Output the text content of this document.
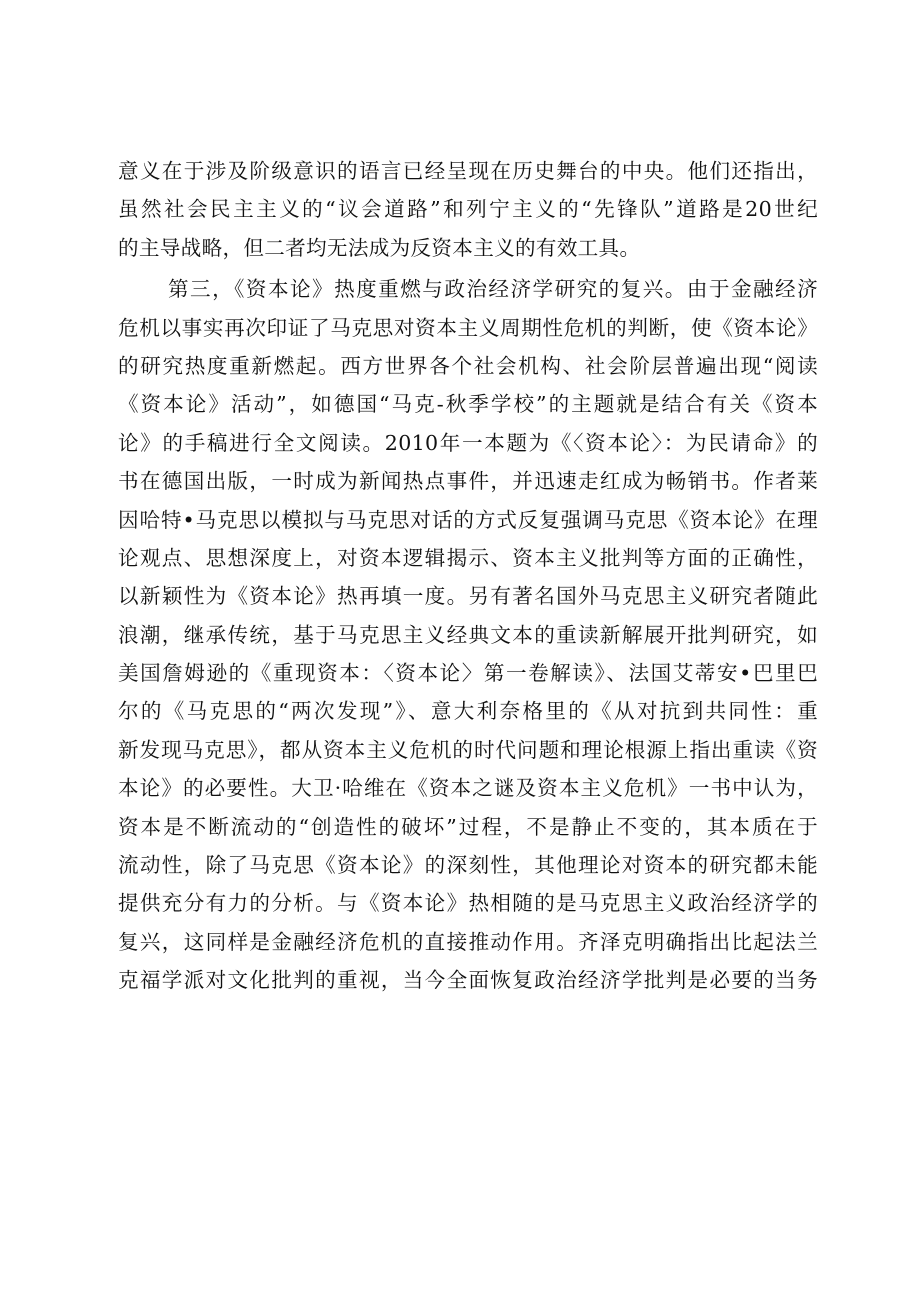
意义在于涉及阶级意识的语言已经呈现在历史舞台的中央。他们还指出，
虽然社会民主主义的“议会道路”和列宁主义的“先锋队”道路是20世纪
的主导战略，但二者均无法成为反资本主义的有效工具。
第三，《资本论》热度重燃与政治经济学研究的复兴。由于金融经济
危机以事实再次印证了马克思对资本主义周期性危机的判断，使《资本论》
的研究热度重新燃起。西方世界各个社会机构、社会阶层普遍出现“阅读
《资本论》活动”，如德国“马克-秋季学校”的主题就是结合有关《资本
论》的手稿进行全文阅读。2010年一本题为《〈资本论〉：为民请命》的
书在德国出版，一时成为新闻热点事件，并迅速走红成为畅销书。作者莱
因哈特•马克思以模拟与马克思对话的方式反复强调马克思《资本论》在理
论观点、思想深度上，对资本逻辑揭示、资本主义批判等方面的正确性，
以新颖性为《资本论》热再填一度。另有著名国外马克思主义研究者随此
浪潮，继承传统，基于马克思主义经典文本的重读新解展开批判研究，如
美国詹姆逊的《重现资本：〈资本论〉第一卷解读》、法国艾蒂安•巴里巴
尔的《马克思的“两次发现”》、意大利奈格里的《从对抗到共同性：重
新发现马克思》，都从资本主义危机的时代问题和理论根源上指出重读《资
本论》的必要性。大卫·哈维在《资本之谜及资本主义危机》一书中认为，
资本是不断流动的“创造性的破坏”过程，不是静止不变的，其本质在于
流动性，除了马克思《资本论》的深刻性，其他理论对资本的研究都未能
提供充分有力的分析。与《资本论》热相随的是马克思主义政治经济学的
复兴，这同样是金融经济危机的直接推动作用。齐泽克明确指出比起法兰
克福学派对文化批判的重视，当今全面恢复政治经济学批判是必要的当务
